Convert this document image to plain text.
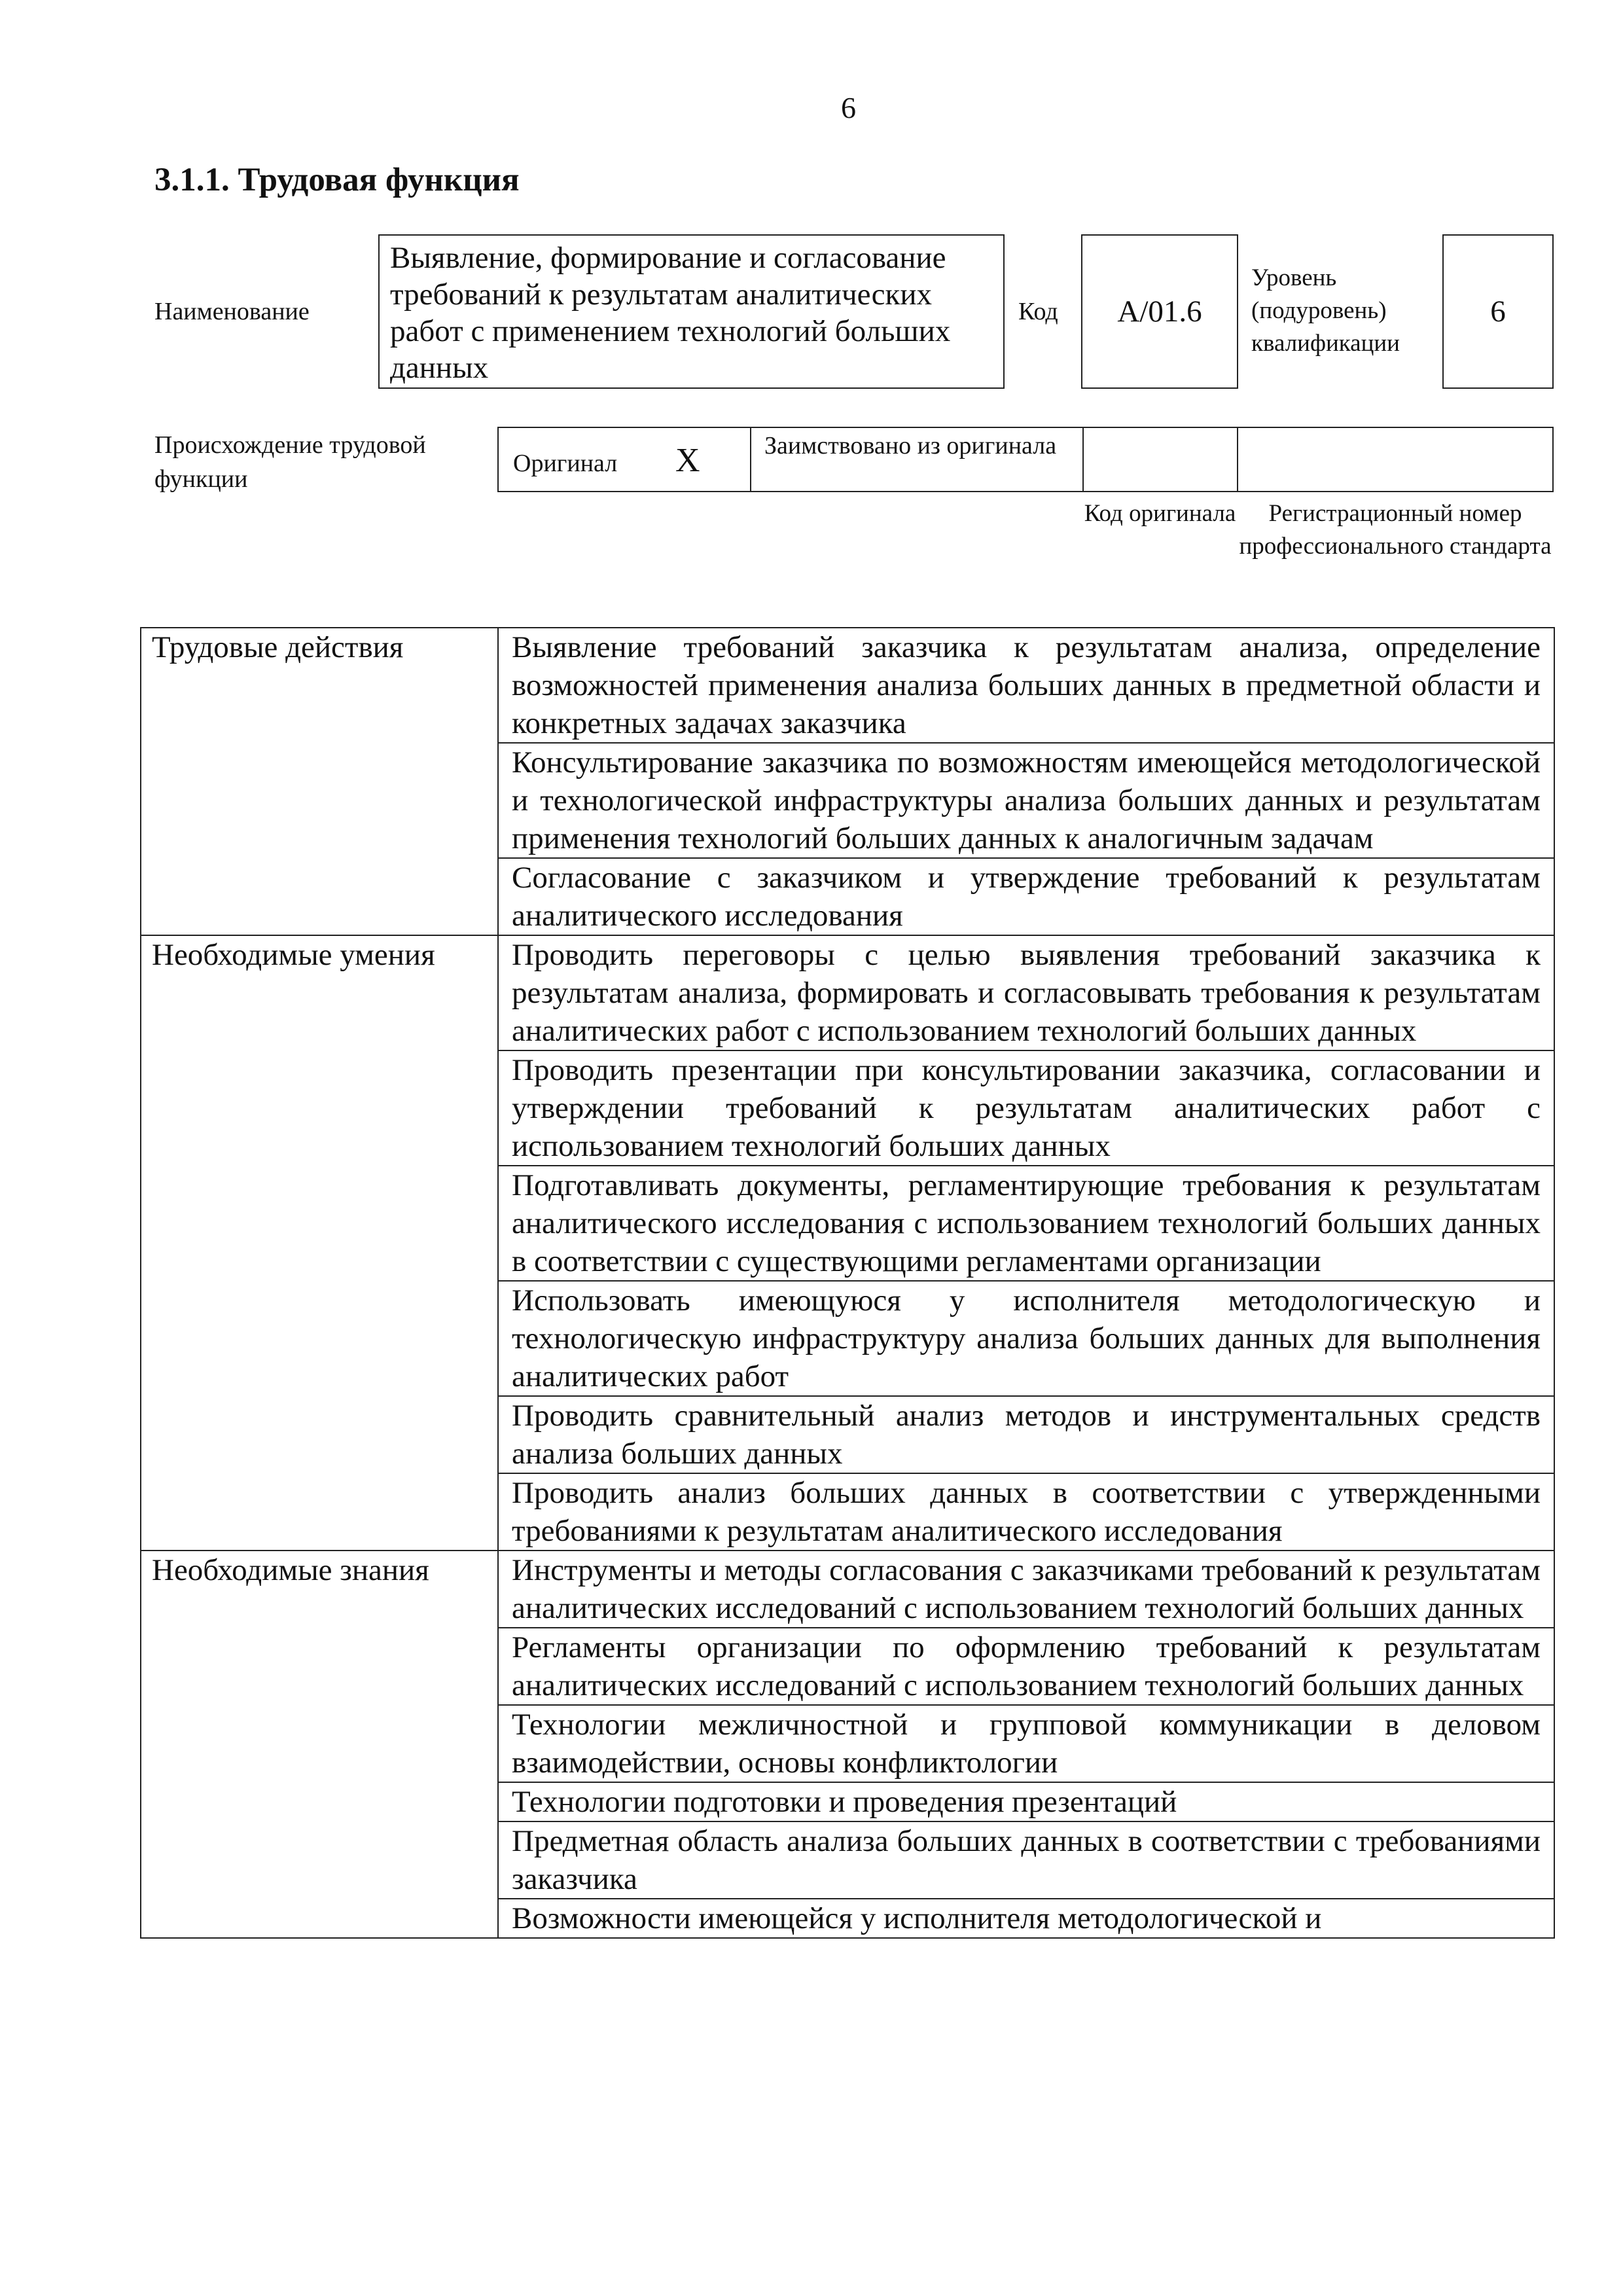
6
3.1.1. Трудовая функция
Наименование
Выявление, формирование и согласование требований к результатам аналитических работ с применением технологий больших данных
Код A/01.6
Уровень (подуровень) квалификации
6
Происхождение трудовой функции
Оригинал X	Заимствовано из оригинала
Код оригинала	Регистрационный номер профессионального стандарта
Трудовые действия	Выявление требований заказчика к результатам анализа, определение возможностей применения анализа больших данных в предметной области и конкретных задачах заказчика
	Консультирование заказчика по возможностям имеющейся методологической и технологической инфраструктуры анализа больших данных и результатам применения технологий больших данных к аналогичным задачам
	Согласование с заказчиком и утверждение требований к результатам аналитического исследования
Необходимые умения	Проводить переговоры с целью выявления требований заказчика к результатам анализа, формировать и согласовывать требования к результатам аналитических работ с использованием технологий больших данных
	Проводить презентации при консультировании заказчика, согласовании и утверждении требований к результатам аналитических работ с использованием технологий больших данных
	Подготавливать документы, регламентирующие требования к результатам аналитического исследования с использованием технологий больших данных в соответствии с существующими регламентами организации
	Использовать имеющуюся у исполнителя методологическую и технологическую инфраструктуру анализа больших данных для выполнения аналитических работ
	Проводить сравнительный анализ методов и инструментальных средств анализа больших данных
	Проводить анализ больших данных в соответствии с утвержденными требованиями к результатам аналитического исследования
Необходимые знания	Инструменты и методы согласования с заказчиками требований к результатам аналитических исследований с использованием технологий больших данных
	Регламенты организации по оформлению требований к результатам аналитических исследований с использованием технологий больших данных
	Технологии межличностной и групповой коммуникации в деловом взаимодействии, основы конфликтологии
	Технологии подготовки и проведения презентаций
	Предметная область анализа больших данных в соответствии с требованиями заказчика
	Возможности имеющейся у исполнителя методологической и
